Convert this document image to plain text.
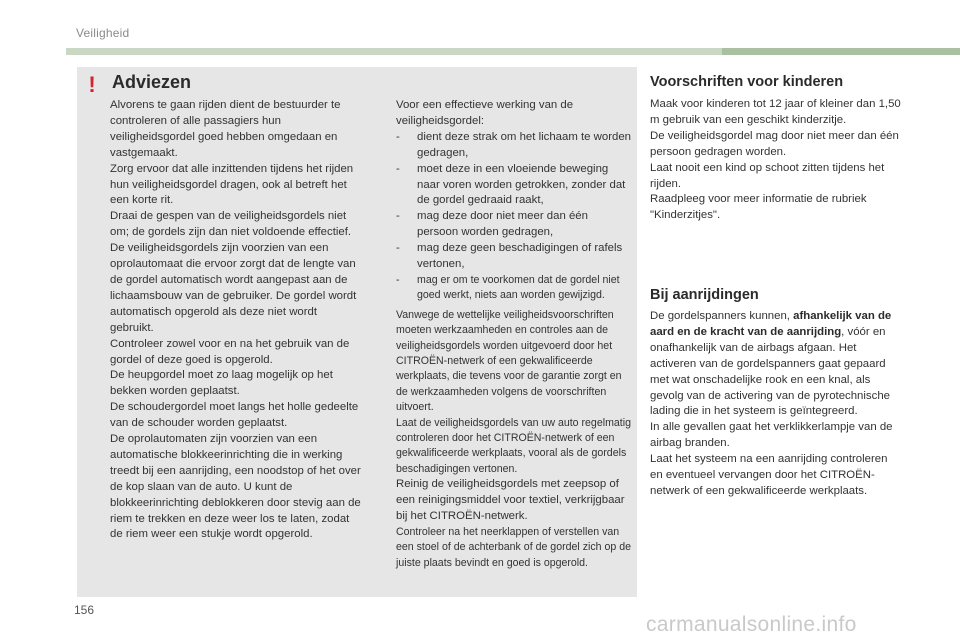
Veiligheid
! Adviezen

Alvorens te gaan rijden dient de bestuurder te controleren of alle passagiers hun veiligheidsgordel goed hebben omgedaan en vastgemaakt.

Zorg ervoor dat alle inzittenden tijdens het rijden hun veiligheidsgordel dragen, ook al betreft het een korte rit.

Draai de gespen van de veiligheidsgordels niet om; de gordels zijn dan niet voldoende effectief.

De veiligheidsgordels zijn voorzien van een oprolautomaat die ervoor zorgt dat de lengte van de gordel automatisch wordt aangepast aan de lichaamsbouw van de gebruiker. De gordel wordt automatisch opgerold als deze niet wordt gebruikt.

Controleer zowel voor en na het gebruik van de gordel of deze goed is opgerold.

De heupgordel moet zo laag mogelijk op het bekken worden geplaatst.

De schoudergordel moet langs het holle gedeelte van de schouder worden geplaatst.

De oprolautomaten zijn voorzien van een automatische blokkeerinrichting die in werking treedt bij een aanrijding, een noodstop of het over de kop slaan van de auto. U kunt de blokkeerinrichting deblokkeren door stevig aan de riem te trekken en deze weer los te laten, zodat de riem weer een stukje wordt opgerold.

Voor een effectieve werking van de veiligheidsgordel:

- dient deze strak om het lichaam te worden gedragen,
- moet deze in een vloeiende beweging naar voren worden getrokken, zonder dat de gordel gedraaid raakt,
- mag deze door niet meer dan één persoon worden gedragen,
- mag deze geen beschadigingen of rafels vertonen,
- mag er om te voorkomen dat de gordel niet goed werkt, niets aan worden gewijzigd.

Vanwege de wettelijke veiligheidsvoorschriften moeten werkzaamheden en controles aan de veiligheidsgordels worden uitgevoerd door het CITROËN-netwerk of een gekwalificeerde werkplaats, die tevens voor de garantie zorgt en de werkzaamheden volgens de voorschriften uitvoert.

Laat de veiligheidsgordels van uw auto regelmatig controleren door het CITROËN-netwerk of een gekwalificeerde werkplaats, vooral als de gordels beschadigingen vertonen.

Reinig de veiligheidsgordels met zeepsop of een reinigingsmiddel voor textiel, verkrijgbaar bij het CITROËN-netwerk.

Controleer na het neerklappen of verstellen van een stoel of de achterbank of de gordel zich op de juiste plaats bevindt en goed is opgerold.

Voorschriften voor kinderen

Maak voor kinderen tot 12 jaar of kleiner dan 1,50 m gebruik van een geschikt kinderzitje.

De veiligheidsgordel mag door niet meer dan één persoon gedragen worden.

Laat nooit een kind op schoot zitten tijdens het rijden.

Raadpleeg voor meer informatie de rubriek "Kinderzitjes".

Bij aanrijdingen

De gordelspanners kunnen, afhankelijk van de aard en de kracht van de aanrijding, vóór en onafhankelijk van de airbags afgaan. Het activeren van de gordelspanners gaat gepaard met wat onschadelijke rook en een knal, als gevolg van de activering van de pyrotechnische lading die in het systeem is geïntegreerd.

In alle gevallen gaat het verklikkerlampje van de airbag branden.

Laat het systeem na een aanrijding controleren en eventueel vervangen door het CITROËN-netwerk of een gekwalificeerde werkplaats.

156
carmanualsonline.info
